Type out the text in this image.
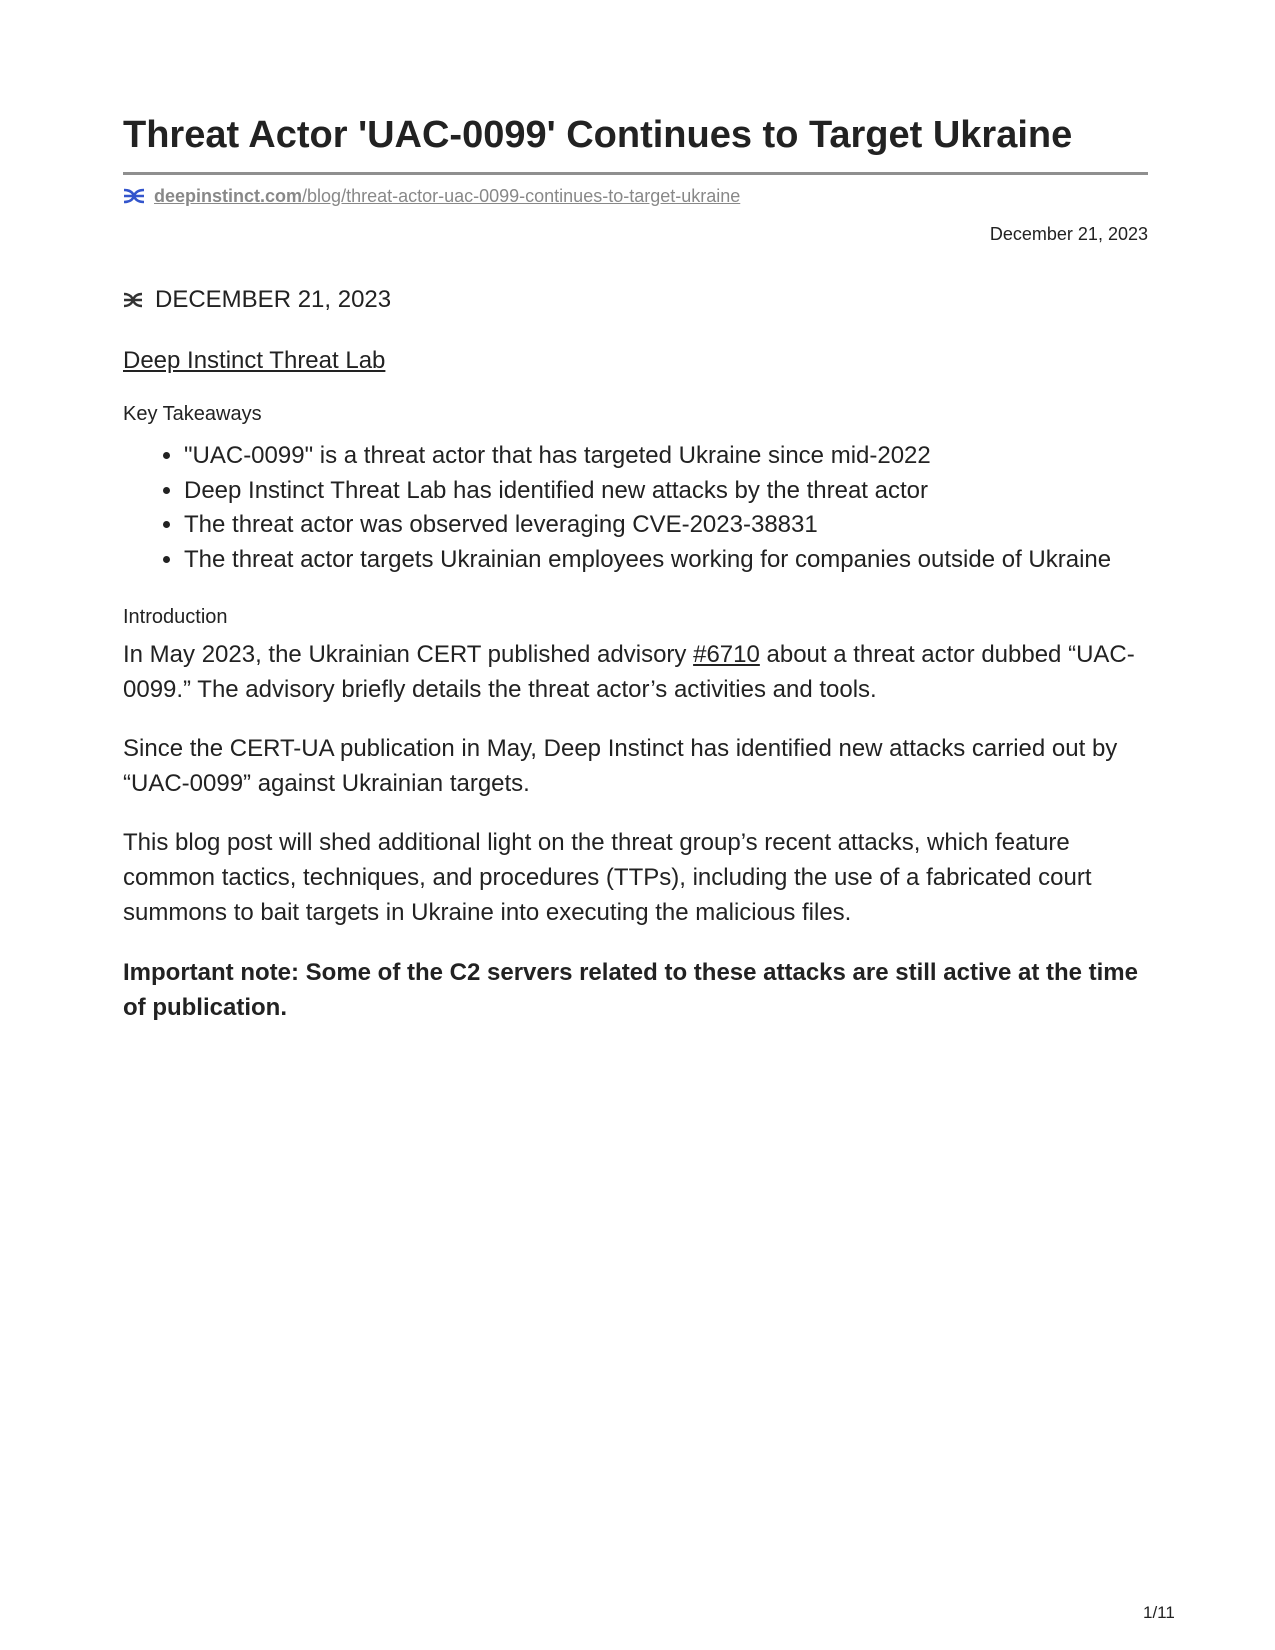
Threat Actor 'UAC-0099' Continues to Target Ukraine
deepinstinct.com /blog/threat-actor-uac-0099-continues-to-target-ukraine
December 21, 2023
DECEMBER 21, 2023
Deep Instinct Threat Lab
Key Takeaways
• "UAC-0099" is a threat actor that has targeted Ukraine since mid-2022
• Deep Instinct Threat Lab has identified new attacks by the threat actor
• The threat actor was observed leveraging CVE-2023-38831
• The threat actor targets Ukrainian employees working for companies outside of Ukraine
Introduction

In May 2023, the Ukrainian CERT published advisory #6710 about a threat actor dubbed “UAC-0099.” The advisory briefly details the threat actor’s activities and tools.

Since the CERT-UA publication in May, Deep Instinct has identified new attacks carried out by “UAC-0099” against Ukrainian targets.

This blog post will shed additional light on the threat group’s recent attacks, which feature common tactics, techniques, and procedures (TTPs), including the use of a fabricated court summons to bait targets in Ukraine into executing the malicious files.

Important note: Some of the C2 servers related to these attacks are still active at the time of publication.

1/11
